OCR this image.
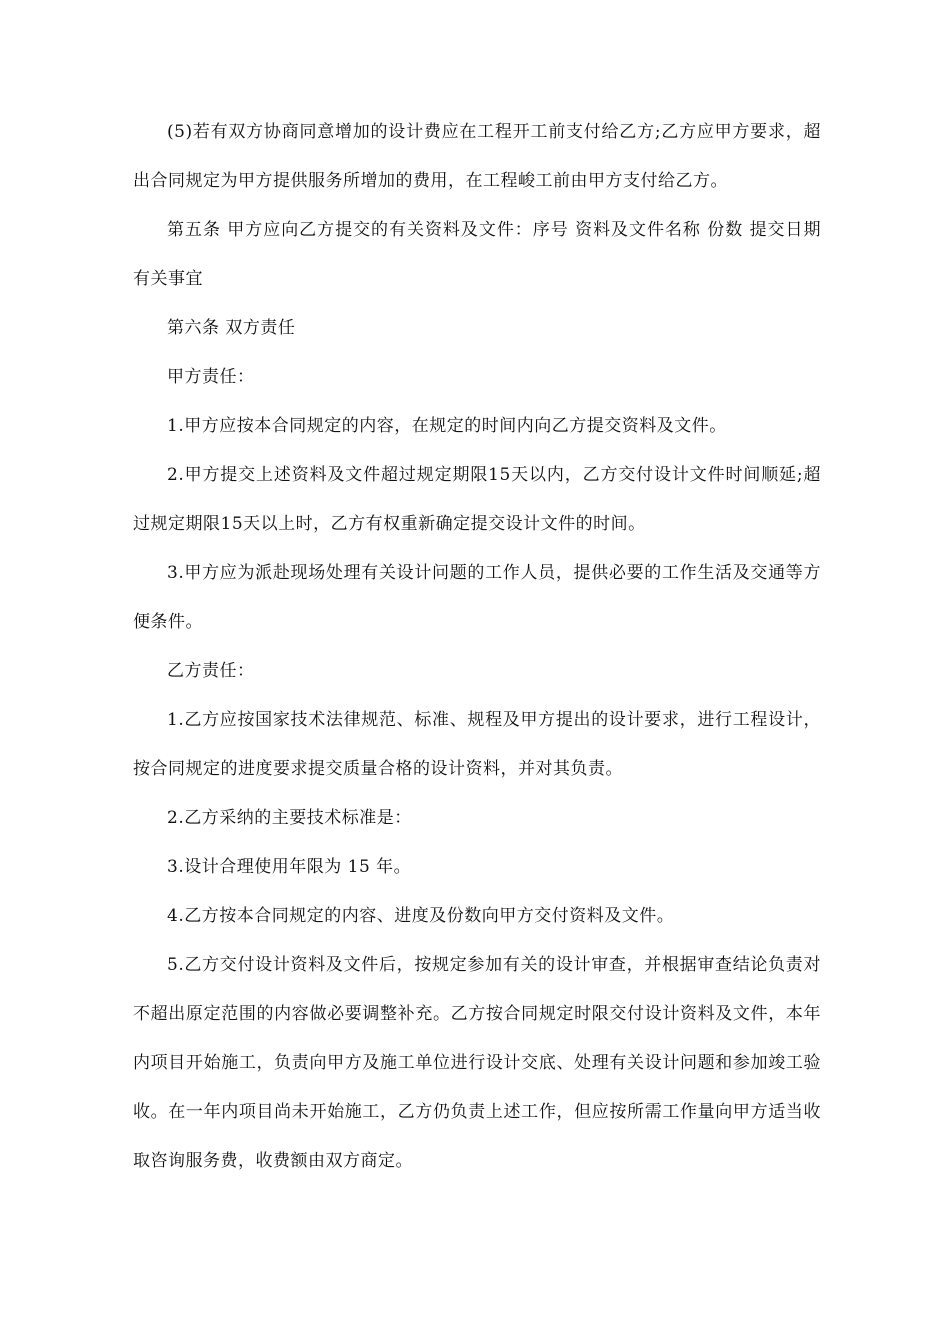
(5)若有双方协商同意增加的设计费应在工程开工前支付给乙方;乙方应甲方要求，超出合同规定为甲方提供服务所增加的费用，在工程峻工前由甲方支付给乙方。

第五条 甲方应向乙方提交的有关资料及文件：序号 资料及文件名称 份数 提交日期 有关事宜

第六条 双方责任

甲方责任：

1.甲方应按本合同规定的内容，在规定的时间内向乙方提交资料及文件。

2.甲方提交上述资料及文件超过规定期限15天以内，乙方交付设计文件时间顺延;超过规定期限15天以上时，乙方有权重新确定提交设计文件的时间。

3.甲方应为派赴现场处理有关设计问题的工作人员，提供必要的工作生活及交通等方便条件。

乙方责任：

1.乙方应按国家技术法律规范、标准、规程及甲方提出的设计要求，进行工程设计，按合同规定的进度要求提交质量合格的设计资料，并对其负责。

2.乙方采纳的主要技术标准是：

3.设计合理使用年限为 15 年。

4.乙方按本合同规定的内容、进度及份数向甲方交付资料及文件。

5.乙方交付设计资料及文件后，按规定参加有关的设计审查，并根据审查结论负责对不超出原定范围的内容做必要调整补充。乙方按合同规定时限交付设计资料及文件，本年内项目开始施工，负责向甲方及施工单位进行设计交底、处理有关设计问题和参加竣工验收。在一年内项目尚未开始施工，乙方仍负责上述工作，但应按所需工作量向甲方适当收取咨询服务费，收费额由双方商定。
